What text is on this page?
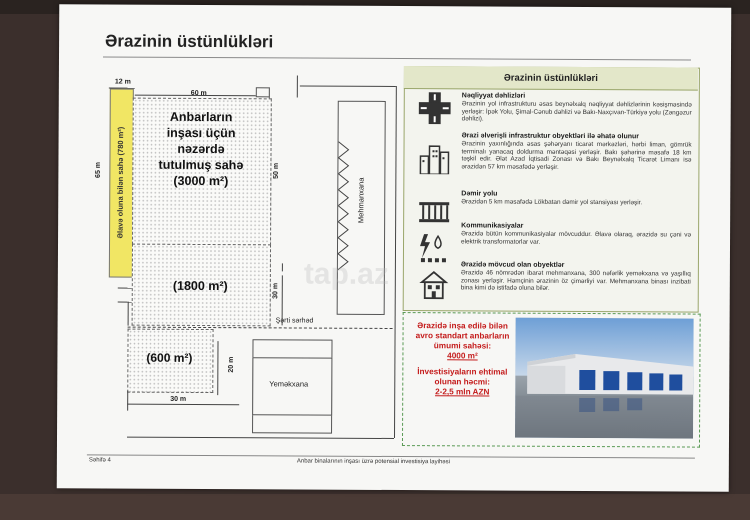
Ərazinin üstünlükləri
12 m
60 m
65 m	50 m
30 m
20 m
30 m
Əlavə oluna bilən sahə (780 m²)
Anbarların
inşası üçün
nəzərdə
tutulmuş sahə
(3000 m²)
(1800 m²)
(600 m²)
Şərti sərhəd
Mehmanxana
Yeməkxana
tap.az
Ərazinin üstünlükləri
Nəqliyyat dəhlizləri
Ərazinin yol infrastrukturu əsas beynəlxalq nəqliyyat dəhlizlərinin kəsişməsində yerləşir: İpək Yolu, Şimal-Cənub dəhlizi və Bakı-Naxçıvan-Türkiyə yolu (Zəngəzur dəhlizi).
Ərazi əlverişli infrastruktur obyektləri ilə əhatə olunur
Ərazinin yaxınlığında əsas şəhəryanı ticarət mərkəzləri, hərbi liman, gömrük terminalı yanacaq doldurma məntəqəsi yerləşir. Bakı şəhərinə məsafə 18 km təşkil edir. Ələt Azad İqtisadi Zonası və Bakı Beynəlxalq Ticarət Limanı isə ərazidən 57 km məsafədə yerləşir.
Dəmir yolu
Ərazidən 5 km məsafədə Lökbatan dəmir yol stansiyası yerləşir.
Kommunikasiyalar
Ərazidə bütün kommunikasiyalar mövcuddur. Əlavə olaraq, ərazidə su çəni və elektrik transformatorlar var.
Ərazidə mövcud olan obyektlər
Ərazidə 46 nömrədən ibarət mehmanxana, 300 nəfərlik yeməkxana və yaşıllıq zonası yerləşir. Həmçinin ərazinin öz çimərliyi var. Mehmanxana binası inzibati bina kimi də istifadə oluna bilər.
Ərazidə inşa edilə bilən avro standart anbarların ümumi sahəsi:
4000 m²
İnvestisiyaların ehtimal olunan həcmi:
2-2,5 mln AZN
Səhifə 4	Anbar binalarının inşası üzrə potensial investisiya layihəsi
